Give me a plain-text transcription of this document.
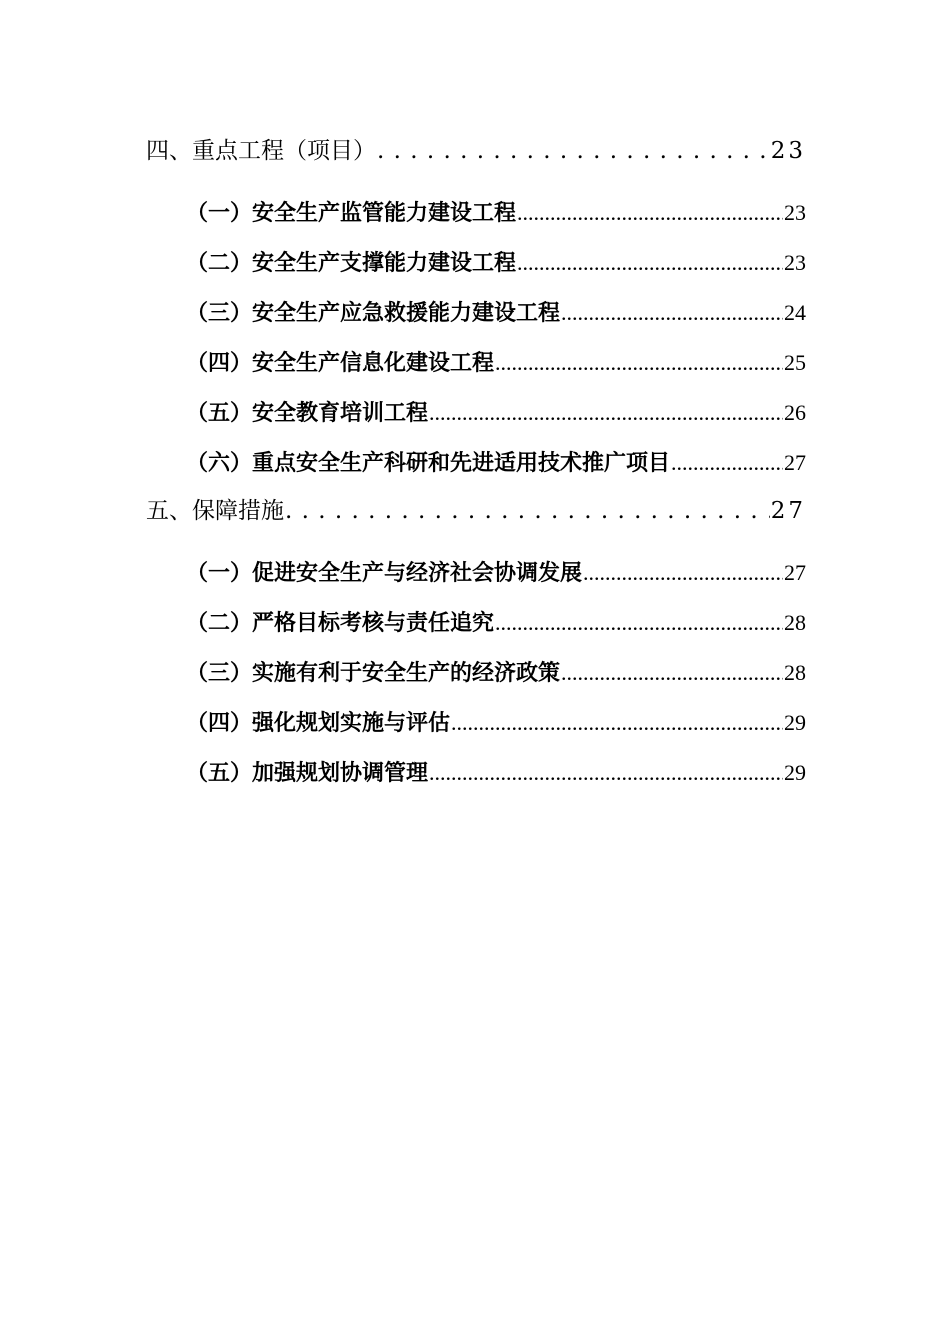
四、重点工程（项目） . . .	23
（一）安全生产监管能力建设工程 .....	23
（二）安全生产支撑能力建设工程 .....	23
（三）安全生产应急救援能力建设工程 .....	24
（四）安全生产信息化建设工程 .....	25
（五）安全教育培训工程 .....	26
（六）重点安全生产科研和先进适用技术推广项目 .....	27
五、保障措施 . . .	27
（一）促进安全生产与经济社会协调发展 .....	27
（二）严格目标考核与责任追究 .....	28
（三）实施有利于安全生产的经济政策 .....	28
（四）强化规划实施与评估 .....	29
（五）加强规划协调管理 .....	29
